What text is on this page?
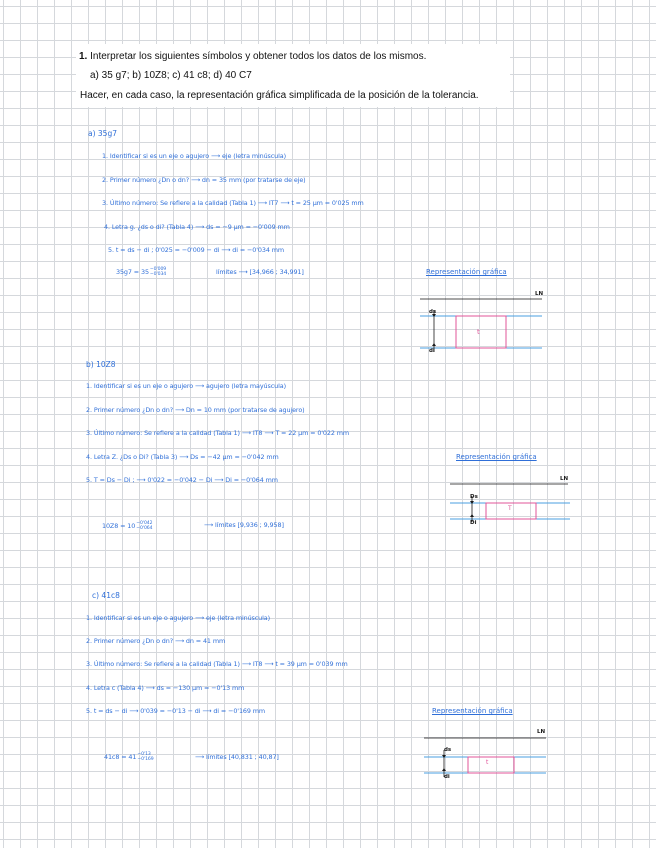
1. Interpretar los siguientes símbolos y obtener todos los datos de los mismos.
a) 35 g7; b) 10Z8; c) 41 c8; d) 40 C7
Hacer, en cada caso, la representación gráfica simplificada de la posición de la tolerancia.
a) 35g7
1. Identificar si es un eje o agujero ⟶ eje (letra minúscula)
2. Primer número ¿Dn o dn? ⟶ dn = 35 mm (por tratarse de eje)
3. Último número: Se refiere a la calidad (Tabla 1) ⟶ IT7 ⟶ t = 25 μm = 0'025 mm
4. Letra g. ¿ds o di? (Tabla 4) ⟶ ds = −9 μm = −0'009 mm
5. t = ds − di ; 0'025 = −0'009 − di ⟶ di = −0'034 mm
35g7 = 35 −0'009
−0'034	límites ⟶ [34,966 ; 34,991]	Representación gráfica
LN
ds
di
t
b) 10Z8
1. Identificar si es un eje o agujero ⟶ agujero (letra mayúscula)
2. Primer número ¿Dn o dn? ⟶ Dn = 10 mm (por tratarse de agujero)
3. Último número: Se refiere a la calidad (Tabla 1) ⟶ IT8 ⟶ T = 22 μm = 0'022 mm
4. Letra Z. ¿Ds o Di? (Tabla 3) ⟶ Ds = −42 μm = −0'042 mm
5. T = Ds − Di ; ⟶ 0'022 = −0'042 − Di ⟶ Di = −0'064 mm
10Z8 = 10 −0'042
−0'064	⟶ límites [9,936 ; 9,958]
Representación gráfica
LN
Ds
Di
T
c) 41c8
1. Identificar si es un eje o agujero ⟶ eje (letra minúscula)
2. Primer número ¿Dn o dn? ⟶ dn = 41 mm
3. Último número: Se refiere a la calidad (Tabla 1) ⟶ IT8 ⟶ t = 39 μm = 0'039 mm
4. Letra c (Tabla 4) ⟶ ds = −130 μm = −0'13 mm
5. t = ds − di ⟶ 0'039 = −0'13 − di ⟶ di = −0'169 mm
41c8 = 41 −0'13
−0'169	⟶ límites [40,831 ; 40,87]
Representación gráfica
LN
ds
di
t
